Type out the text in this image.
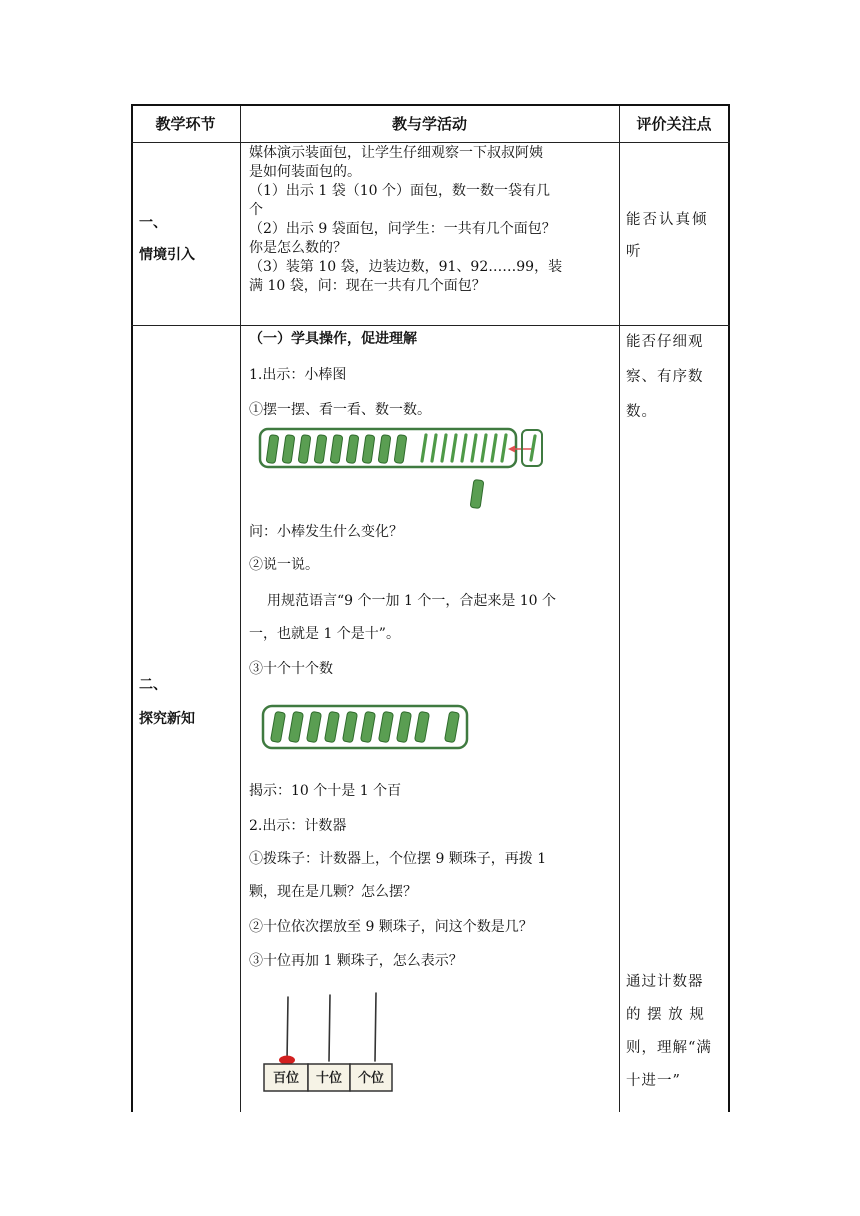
教学环节	教与学活动	评价关注点
一、
情境引入

媒体演示装面包，让学生仔细观察一下叔叔阿姨

是如何装面包的。

（1）出示 1 袋（10 个）面包，数一数一袋有几

个

（2）出示 9 袋面包，问学生：一共有几个面包？

你是怎么数的？

（3）装第 10 袋，边装边数，91、92……99，装

满 10 袋，问：现在一共有几个面包？

能否认真倾

听

二、
探究新知

（一）学具操作，促进理解

1.出示：小棒图

①摆一摆、看一看、数一数。

问：小棒发生什么变化？

②说一说。

用规范语言“9 个一加 1 个一，合起来是 10 个

一，也就是 1 个是十”。

③十个十个数

揭示：10 个十是 1 个百

2.出示：计数器

①拨珠子：计数器上，个位摆 9 颗珠子，再拨 1

颗，现在是几颗？怎么摆？

②十位依次摆放至 9 颗珠子，问这个数是几？

③十位再加 1 颗珠子，怎么表示？

百位 十位 个位

能否仔细观

察、有序数

数。

通过计数器

的 摆 放 规

则，理解“满

十进一”
